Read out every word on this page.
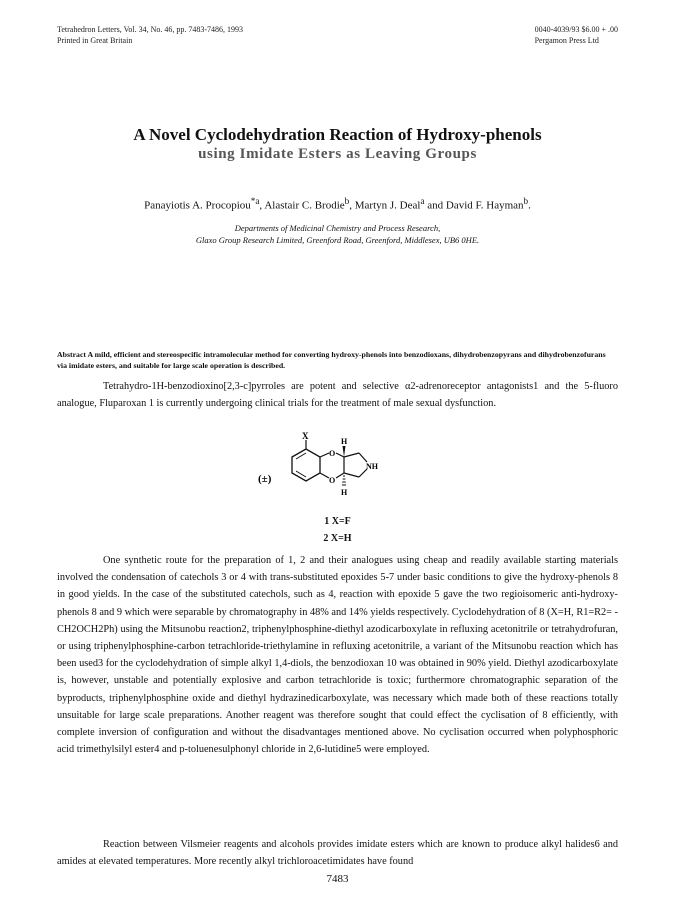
Tetrahedron Letters, Vol. 34, No. 46, pp. 7483-7486, 1993
Printed in Great Britain
0040-4039/93 $6.00 + .00
Pergamon Press Ltd
A Novel Cyclodehydration Reaction of Hydroxy-phenols
using Imidate Esters as Leaving Groups
Panayiotis A. Procopiou$^{*a}$, Alastair C. Brodie$^b$, Martyn J. Deal$^a$ and David F. Hayman$^b$.
Departments of Medicinal Chemistry and Process Research,
Glaxo Group Research Limited, Greenford Road, Greenford, Middlesex, UB6 0HE.
Abstract A mild, efficient and stereospecific intramolecular method for converting hydroxy-phenols into benzodioxans, dihydrobenzopyrans and dihydrobenzofurans via imidate esters, and suitable for large scale operation is described.
Tetrahydro-1H-benzodioxino[2,3-c]pyrroles are potent and selective α2-adrenoreceptor antagonists1 and the 5-fluoro analogue, Fluparoxan 1 is currently undergoing clinical trials for the treatment of male sexual dysfunction.
(±)
X
O
O
H
H
NH
1 X=F
2 X=H
One synthetic route for the preparation of 1, 2 and their analogues using cheap and readily available starting materials involved the condensation of catechols 3 or 4 with trans-substituted epoxides 5-7 under basic conditions to give the hydroxy-phenols 8 in good yields. In the case of the substituted catechols, such as 4, reaction with epoxide 5 gave the two regioisomeric anti-hydroxy-phenols 8 and 9 which were separable by chromatography in 48% and 14% yields respectively. Cyclodehydration of 8 (X=H, R1=R2= -CH2OCH2Ph) using the Mitsunobu reaction2, triphenylphosphine-diethyl azodicarboxylate in refluxing acetonitrile or tetrahydrofuran, or using triphenylphosphine-carbon tetrachloride-triethylamine in refluxing acetonitrile, a variant of the Mitsunobu reaction which has been used3 for the cyclodehydration of simple alkyl 1,4-diols, the benzodioxan 10 was obtained in 90% yield. Diethyl azodicarboxylate is, however, unstable and potentially explosive and carbon tetrachloride is toxic; furthermore chromatographic separation of the byproducts, triphenylphosphine oxide and diethyl hydrazinedicarboxylate, was necessary which made both of these reactions totally unsuitable for large scale preparations. Another reagent was therefore sought that could effect the cyclisation of 8 efficiently, with complete inversion of configuration and without the disadvantages mentioned above. No cyclisation occurred when polyphosphoric acid trimethylsilyl ester4 and p-toluenesulphonyl chloride in 2,6-lutidine5 were employed.
Reaction between Vilsmeier reagents and alcohols provides imidate esters which are known to produce alkyl halides6 and amides at elevated temperatures. More recently alkyl trichloroacetimidates have found
7483
